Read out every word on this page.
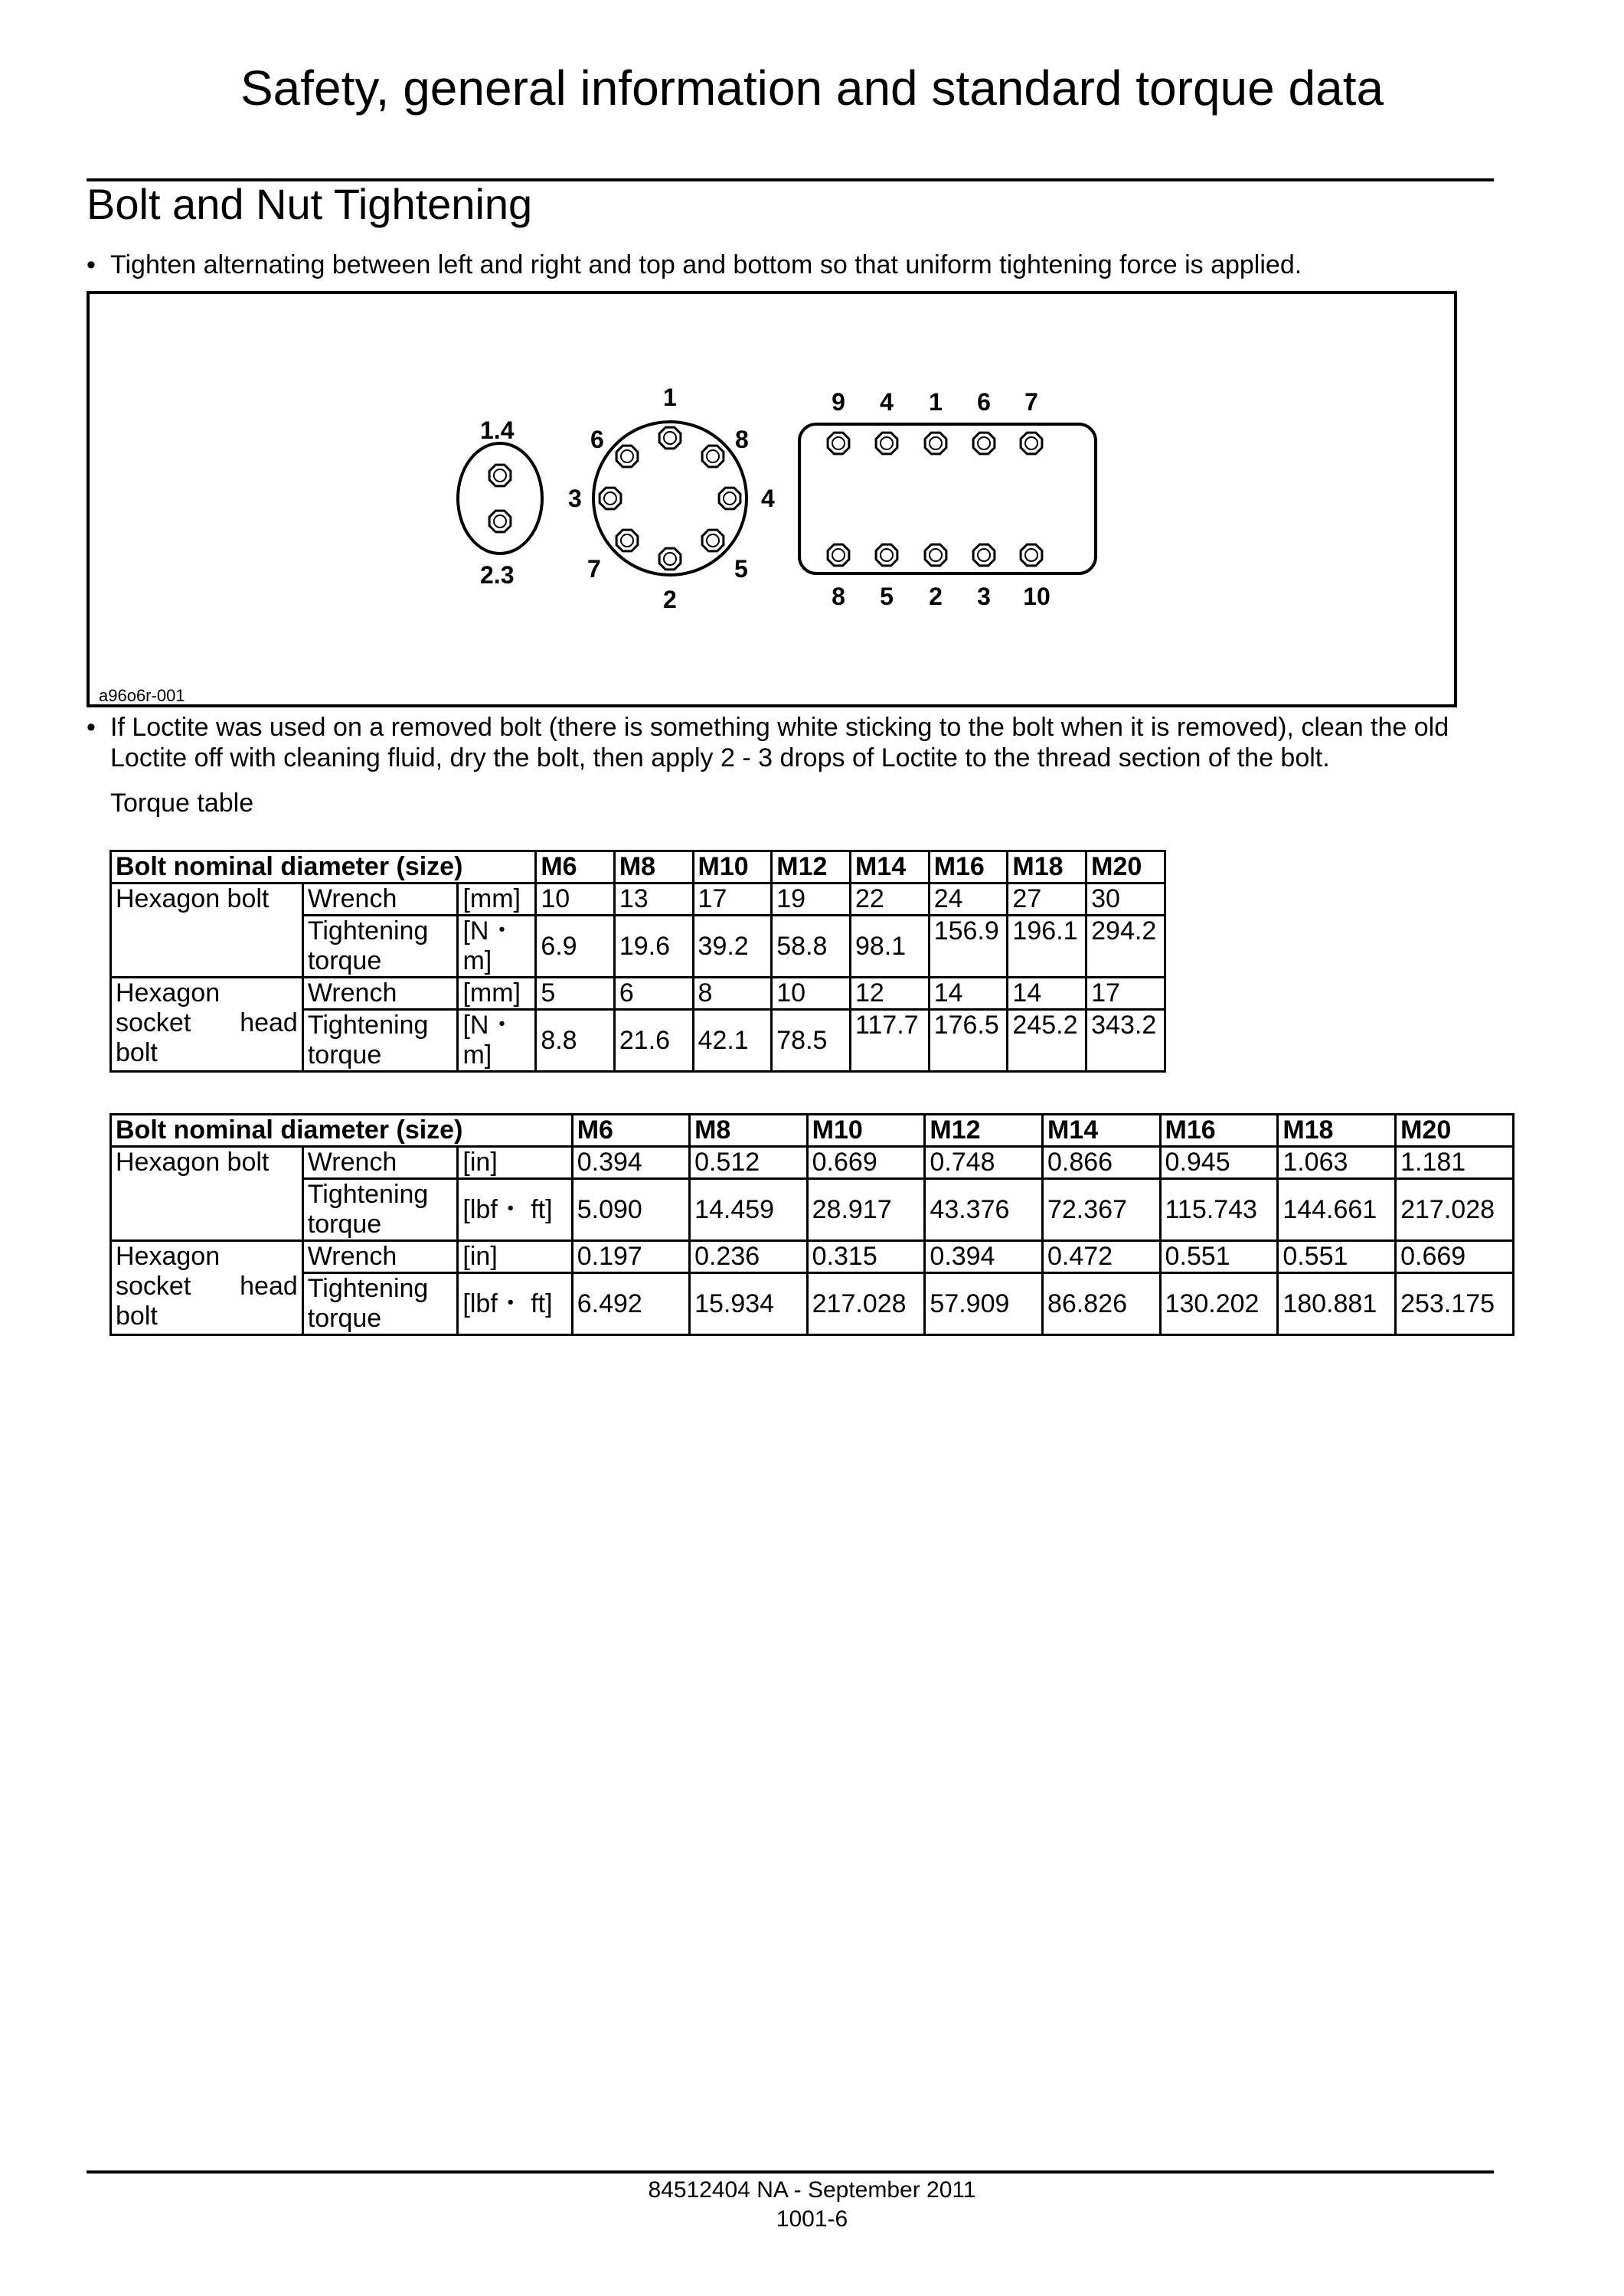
Safety, general information and standard torque data
Bolt and Nut Tightening
• Tighten alternating between left and right and top and bottom so that uniform tightening force is applied.
1.4
2.3
1
2
3	4
5
6
7
8
9 4 1 6 7
8 5 2 3 10
a96o6r-001
• If Loctite was used on a removed bolt (there is something white sticking to the bolt when it is removed), clean the old Loctite off with cleaning fluid, dry the bolt, then apply 2 - 3 drops of Loctite to the thread section of the bolt.
Torque table
Bolt nominal diameter (size)			M6	M8	M10	M12	M14	M16	M18	M20
Hexagon bolt	Wrench	[mm]	10	13	17	19	22	24	27	30
	Tightening torque	[N・m]	6.9	19.6	39.2	58.8	98.1	156.9	196.1	294.2
Hexagon socket head bolt	Wrench	[mm]	5	6	8	10	12	14	14	17
	Tightening torque	[N・m]	8.8	21.6	42.1	78.5	117.7	176.5	245.2	343.2
Bolt nominal diameter (size)			M6	M8	M10	M12	M14	M16	M18	M20
Hexagon bolt	Wrench	[in]	0.394	0.512	0.669	0.748	0.866	0.945	1.063	1.181
	Tightening torque	[lbf・ ft]	5.090	14.459	28.917	43.376	72.367	115.743	144.661	217.028
Hexagon socket head bolt	Wrench	[in]	0.197	0.236	0.315	0.394	0.472	0.551	0.551	0.669
	Tightening torque	[lbf・ ft]	6.492	15.934	217.028	57.909	86.826	130.202	180.881	253.175
84512404 NA - September 2011
1001-6
